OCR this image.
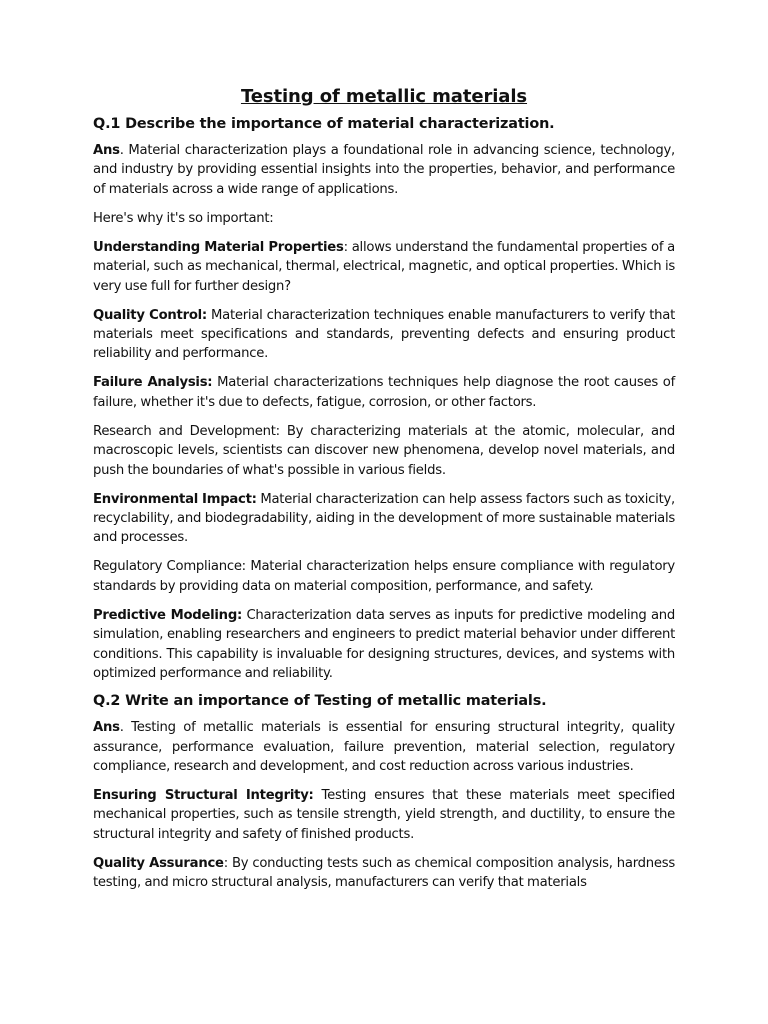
Testing of metallic materials
Q.1 Describe the importance of material characterization.

Ans. Material characterization plays a foundational role in advancing science, technology, and industry by providing essential insights into the properties, behavior, and performance of materials across a wide range of applications.

Here's why it's so important:

Understanding Material Properties: allows understand the fundamental properties of a material, such as mechanical, thermal, electrical, magnetic, and optical properties. Which is very use full for further design?

Quality Control: Material characterization techniques enable manufacturers to verify that materials meet specifications and standards, preventing defects and ensuring product reliability and performance.

Failure Analysis: Material characterizations techniques help diagnose the root causes of failure, whether it's due to defects, fatigue, corrosion, or other factors.

Research and Development: By characterizing materials at the atomic, molecular, and macroscopic levels, scientists can discover new phenomena, develop novel materials, and push the boundaries of what's possible in various fields.

Environmental Impact: Material characterization can help assess factors such as toxicity, recyclability, and biodegradability, aiding in the development of more sustainable materials and processes.

Regulatory Compliance: Material characterization helps ensure compliance with regulatory standards by providing data on material composition, performance, and safety.

Predictive Modeling: Characterization data serves as inputs for predictive modeling and simulation, enabling researchers and engineers to predict material behavior under different conditions. This capability is invaluable for designing structures, devices, and systems with optimized performance and reliability.

Q.2 Write an importance of Testing of metallic materials.

Ans. Testing of metallic materials is essential for ensuring structural integrity, quality assurance, performance evaluation, failure prevention, material selection, regulatory compliance, research and development, and cost reduction across various industries.

Ensuring Structural Integrity: Testing ensures that these materials meet specified mechanical properties, such as tensile strength, yield strength, and ductility, to ensure the structural integrity and safety of finished products.

Quality Assurance: By conducting tests such as chemical composition analysis, hardness testing, and micro structural analysis, manufacturers can verify that materials
